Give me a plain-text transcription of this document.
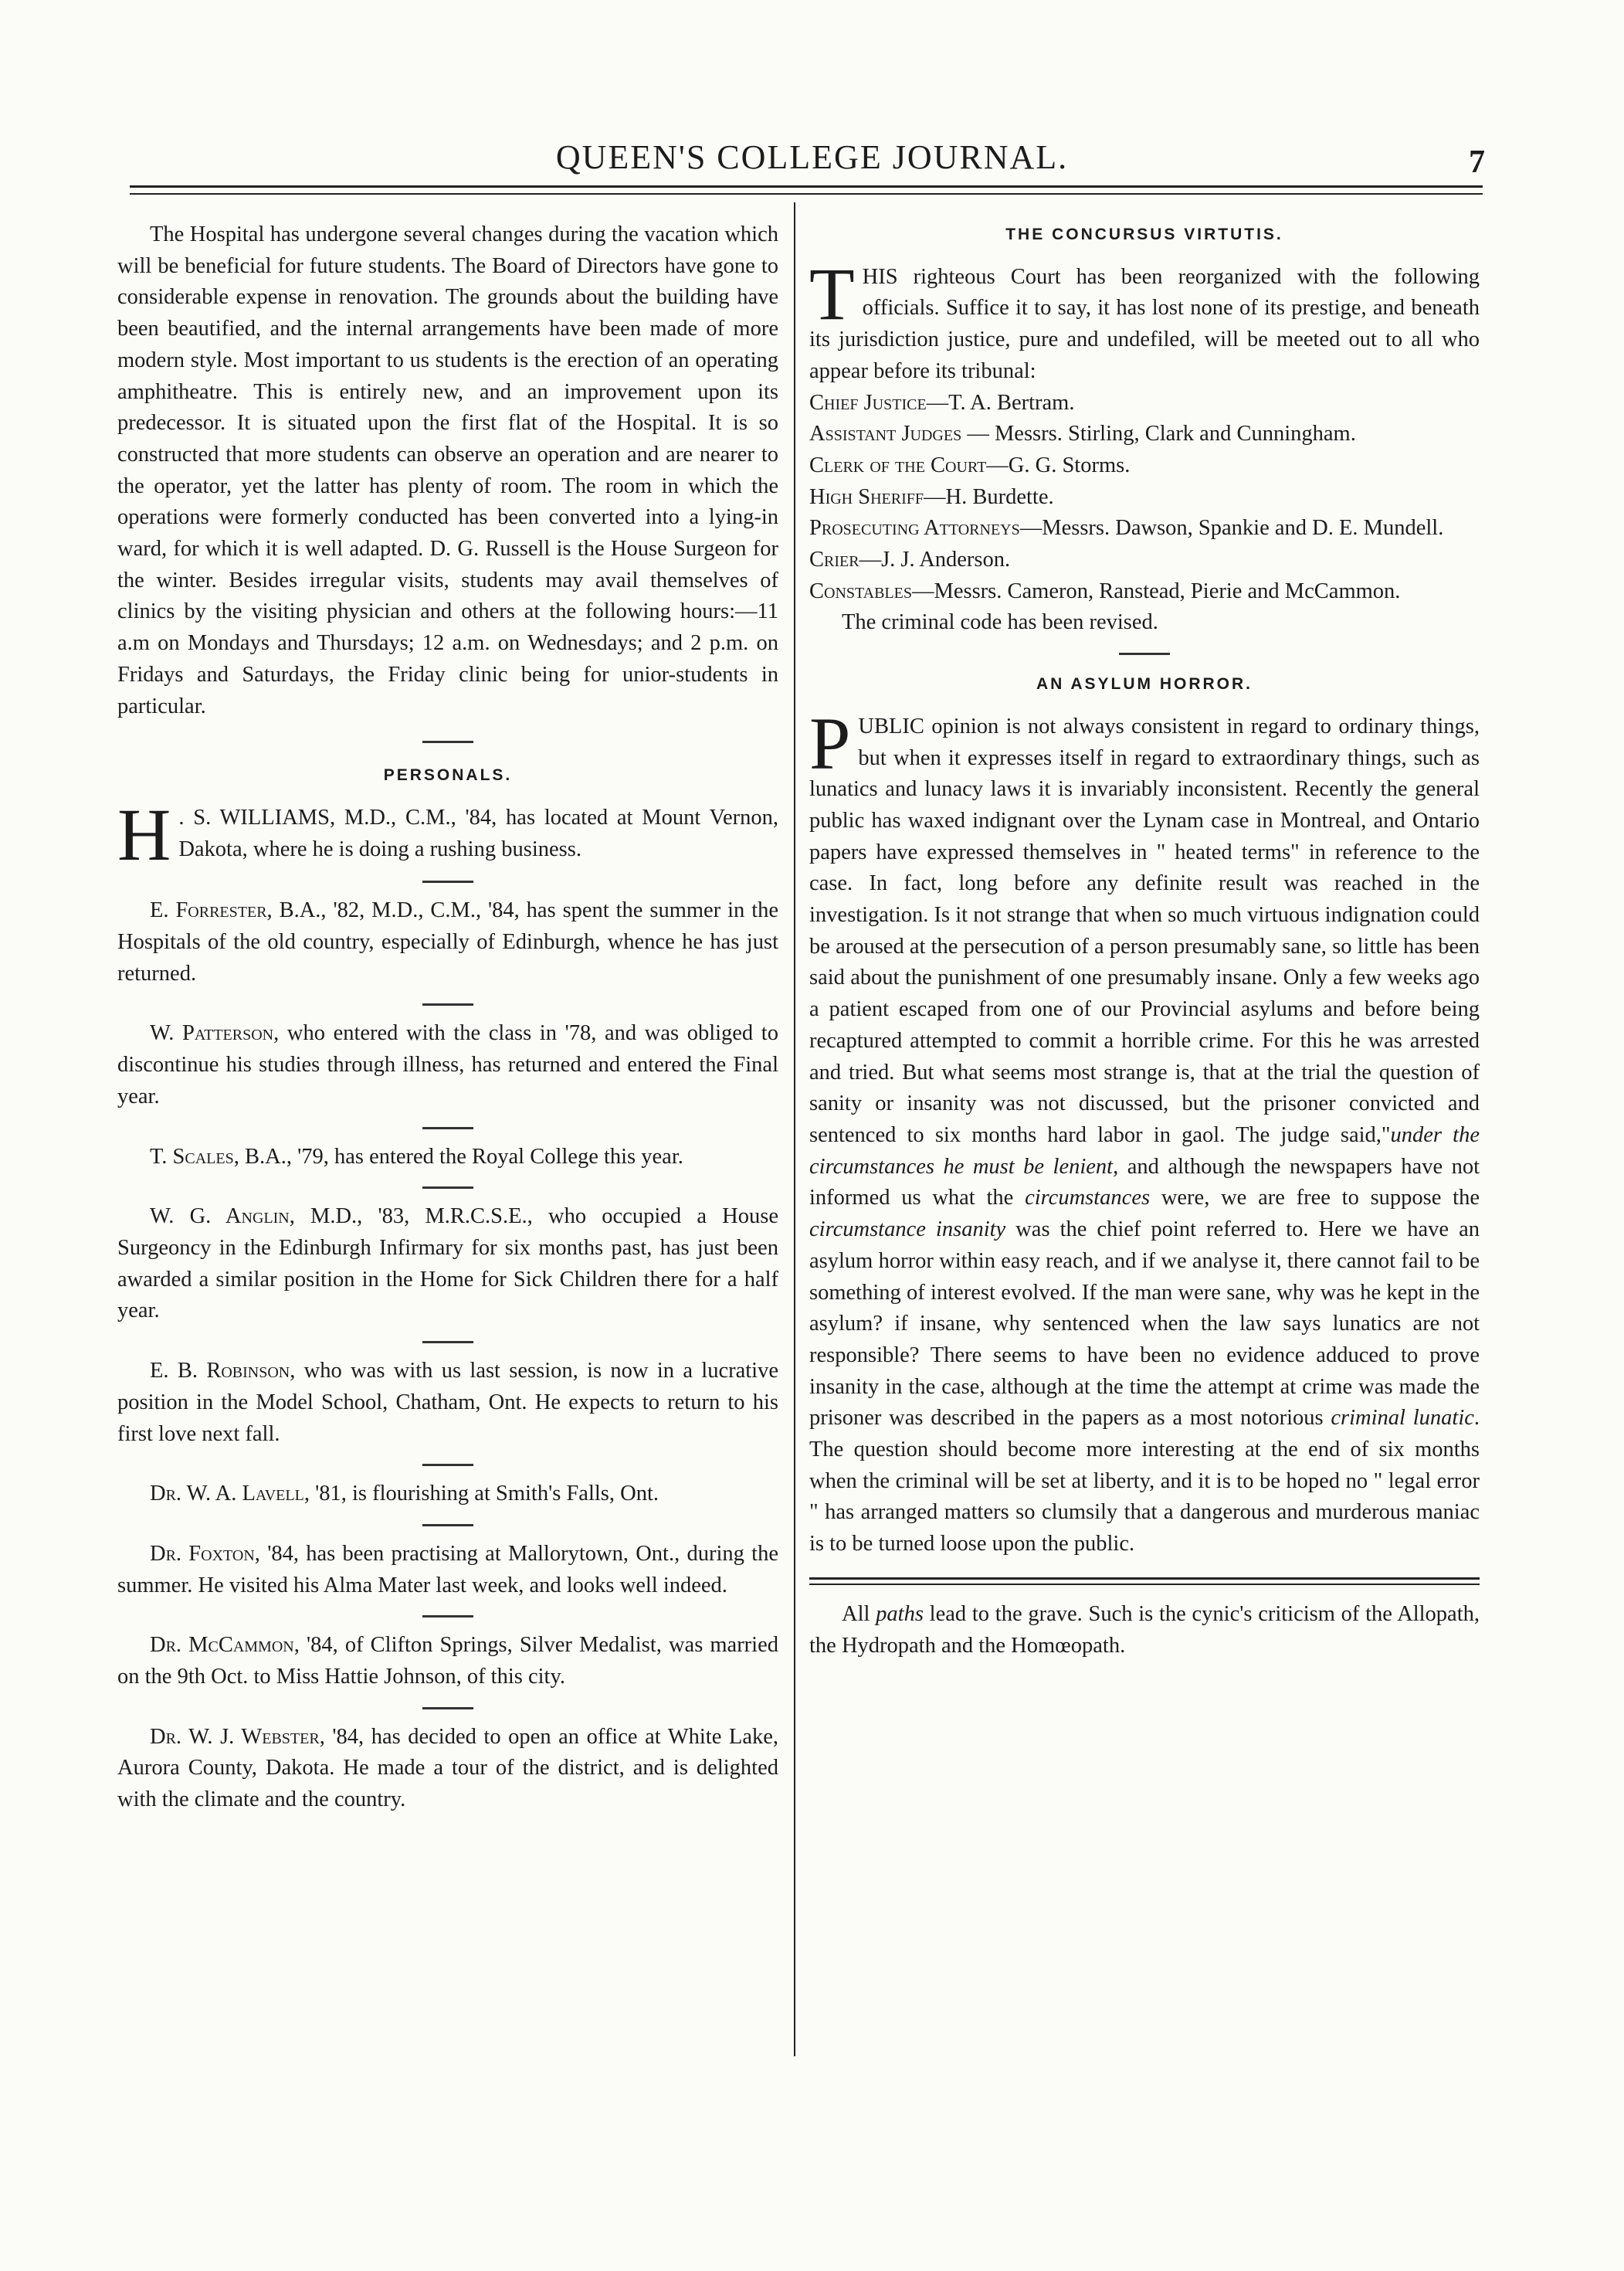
QUEEN'S COLLEGE JOURNAL.	7

The Hospital has undergone several changes during the vacation which will be beneficial for future students. The Board of Directors have gone to considerable expense in renovation. The grounds about the building have been beautified, and the internal arrangements have been made of more modern style. Most important to us students is the erection of an operating amphitheatre. This is entirely new, and an improvement upon its predecessor. It is situated upon the first flat of the Hospital. It is so constructed that more students can observe an operation and are nearer to the operator, yet the latter has plenty of room. The room in which the operations were formerly conducted has been converted into a lying-in ward, for which it is well adapted. D. G. Russell is the House Surgeon for the winter. Besides irregular visits, students may avail themselves of clinics by the visiting physician and others at the following hours:—11 a.m on Mondays and Thursdays; 12 a.m. on Wednesdays; and 2 p.m. on Fridays and Saturdays, the Friday clinic being for unior-students in particular.

PERSONALS.

H . S. WILLIAMS, M.D., C.M., '84, has located at Mount Vernon, Dakota, where he is doing a rushing business.

E. Forrester, B.A., '82, M.D., C.M., '84, has spent the summer in the Hospitals of the old country, especially of Edinburgh, whence he has just returned.

W. Patterson, who entered with the class in '78, and was obliged to discontinue his studies through illness, has returned and entered the Final year.

T. Scales, B.A., '79, has entered the Royal College this year.

W. G. Anglin, M.D., '83, M.R.C.S.E., who occupied a House Surgeoncy in the Edinburgh Infirmary for six months past, has just been awarded a similar position in the Home for Sick Children there for a half year.

E. B. Robinson, who was with us last session, is now in a lucrative position in the Model School, Chatham, Ont. He expects to return to his first love next fall.

Dr. W. A. Lavell, '81, is flourishing at Smith's Falls, Ont.

Dr. Foxton, '84, has been practising at Mallorytown, Ont., during the summer. He visited his Alma Mater last week, and looks well indeed.

Dr. McCammon, '84, of Clifton Springs, Silver Medalist, was married on the 9th Oct. to Miss Hattie Johnson, of this city.

Dr. W. J. Webster, '84, has decided to open an office at White Lake, Aurora County, Dakota. He made a tour of the district, and is delighted with the climate and the country.

THE CONCURSUS VIRTUTIS.

THIS righteous Court has been reorganized with the following officials. Suffice it to say, it has lost none of its prestige, and beneath its jurisdiction justice, pure and undefiled, will be meeted out to all who appear before its tribunal:

Chief Justice—T. A. Bertram.

Assistant Judges — Messrs. Stirling, Clark and Cunningham.

Clerk of the Court—G. G. Storms.

High Sheriff—H. Burdette.

Prosecuting Attorneys—Messrs. Dawson, Spankie and D. E. Mundell.

Crier—J. J. Anderson.

Constables—Messrs. Cameron, Ranstead, Pierie and McCammon.

The criminal code has been revised.

AN ASYLUM HORROR.

PUBLIC opinion is not always consistent in regard to ordinary things, but when it expresses itself in regard to extraordinary things, such as lunatics and lunacy laws it is invariably inconsistent. Recently the general public has waxed indignant over the Lynam case in Montreal, and Ontario papers have expressed themselves in " heated terms" in reference to the case. In fact, long before any definite result was reached in the investigation. Is it not strange that when so much virtuous indignation could be aroused at the persecution of a person presumably sane, so little has been said about the punishment of one presumably insane. Only a few weeks ago a patient escaped from one of our Provincial asylums and before being recaptured attempted to commit a horrible crime. For this he was arrested and tried. But what seems most strange is, that at the trial the question of sanity or insanity was not discussed, but the prisoner convicted and sentenced to six months hard labor in gaol. The judge said,"under the circumstances he must be lenient, and although the newspapers have not informed us what the circumstances were, we are free to suppose the circumstance insanity was the chief point referred to. Here we have an asylum horror within easy reach, and if we analyse it, there cannot fail to be something of interest evolved. If the man were sane, why was he kept in the asylum? if insane, why sentenced when the law says lunatics are not responsible? There seems to have been no evidence adduced to prove insanity in the case, although at the time the attempt at crime was made the prisoner was described in the papers as a most notorious criminal lunatic. The question should become more interesting at the end of six months when the criminal will be set at liberty, and it is to be hoped no " legal error " has arranged matters so clumsily that a dangerous and murderous maniac is to be turned loose upon the public.

All paths lead to the grave. Such is the cynic's criticism of the Allopath, the Hydropath and the Homœopath.
